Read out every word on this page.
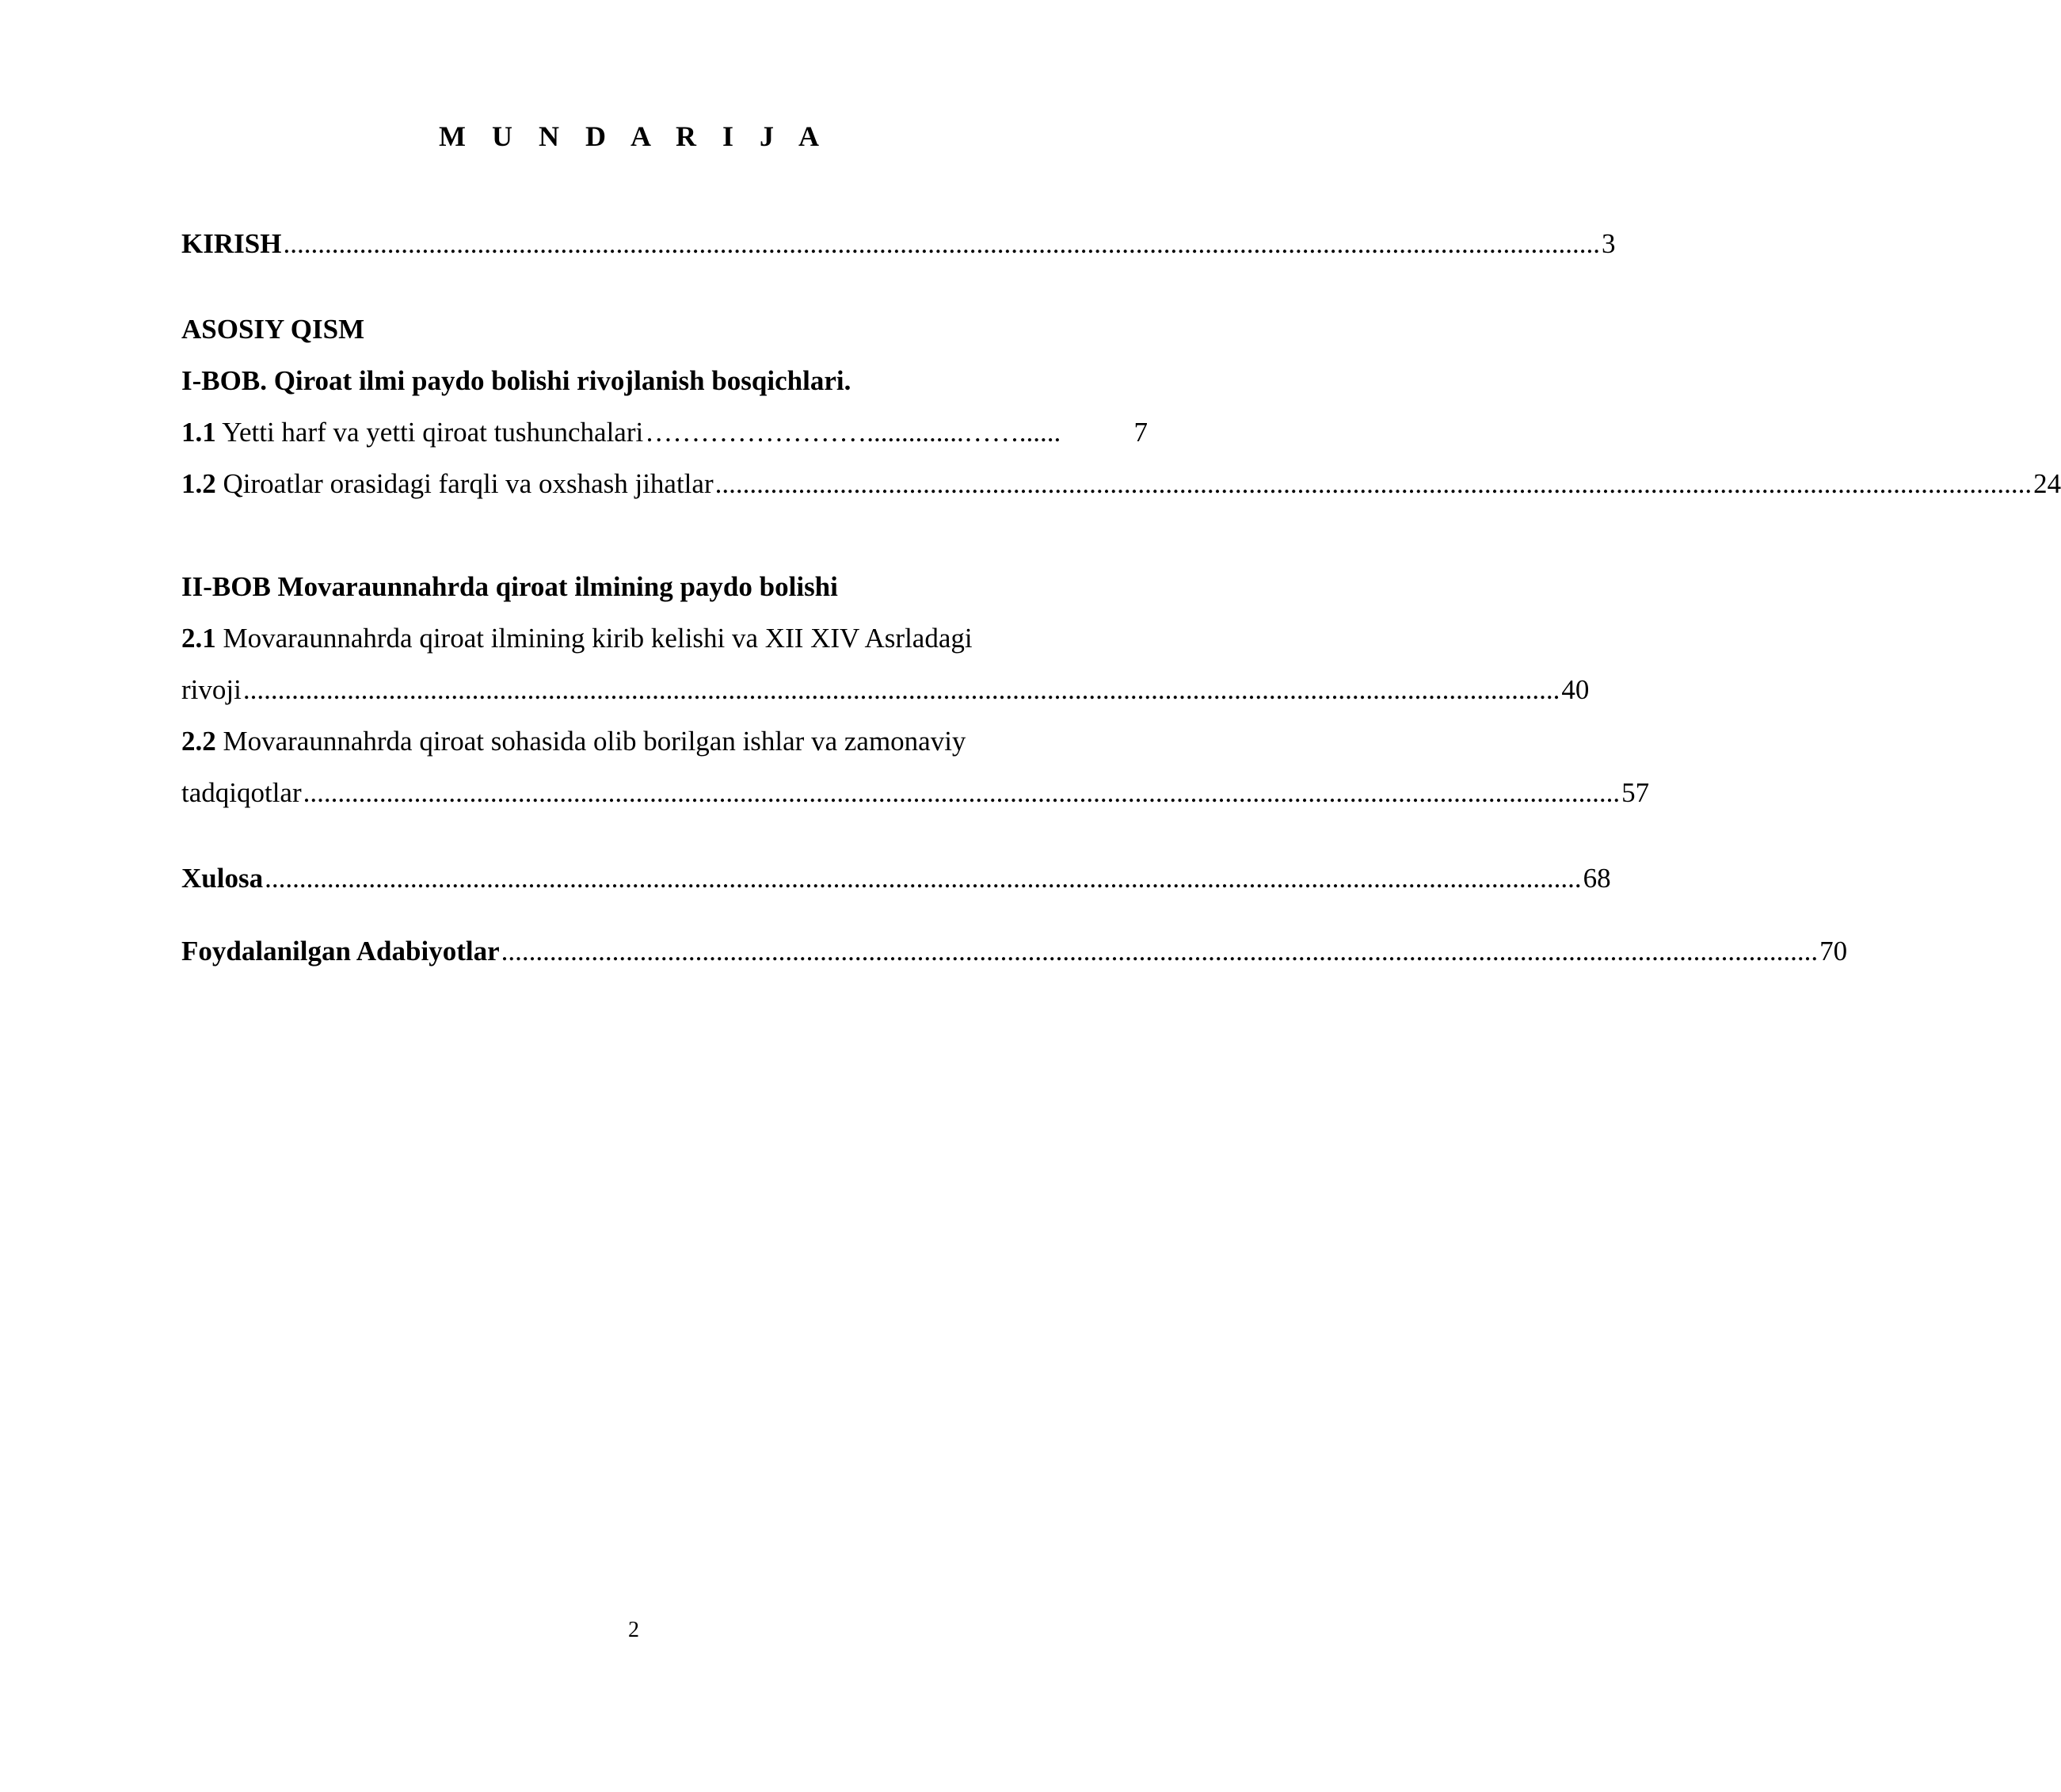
M U N D A R I J A
KIRISH .............................................................................................................................................................................................. 3
ASOSIY QISM
I-BOB. Qiroat ilmi paydo bolishi rivojlanish bosqichlari.
1.1 Yetti harf va yetti qiroat tushunchalari ……………………..............……......	7
1.2 Qiroatlar orasidagi farqli va oxshash jihatlar .............................................................................................................................................................................................. 24
II-BOB Movaraunnahrda qiroat ilmining paydo bolishi
2.1 Movaraunnahrda qiroat ilmining kirib kelishi va XII XIV Asrladagi
rivoji .............................................................................................................................................................................................. 40
2.2 Movaraunnahrda qiroat sohasida olib borilgan ishlar va zamonaviy
tadqiqotlar .............................................................................................................................................................................................. 57
Xulosa .............................................................................................................................................................................................. 68
Foydalanilgan Adabiyotlar .............................................................................................................................................................................................. 70
2
